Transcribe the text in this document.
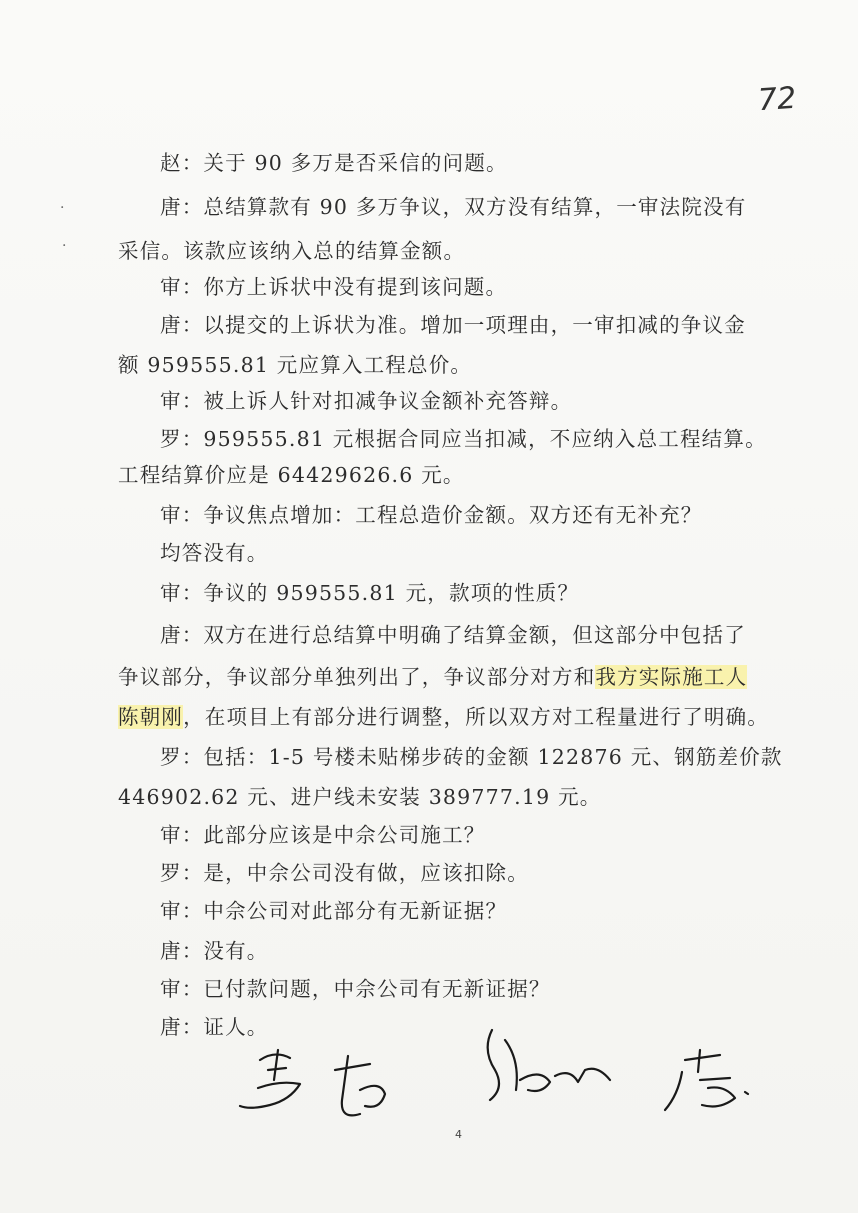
72
·
·
赵：关于 90 多万是否采信的问题。
唐：总结算款有 90 多万争议，双方没有结算，一审法院没有
采信。该款应该纳入总的结算金额。
审：你方上诉状中没有提到该问题。
唐：以提交的上诉状为准。增加一项理由，一审扣减的争议金
额 959555.81 元应算入工程总价。
审：被上诉人针对扣减争议金额补充答辩。
罗：959555.81 元根据合同应当扣减，不应纳入总工程结算。
工程结算价应是 64429626.6 元。
审：争议焦点增加：工程总造价金额。双方还有无补充？
均答没有。
审：争议的 959555.81 元，款项的性质？
唐：双方在进行总结算中明确了结算金额，但这部分中包括了
争议部分，争议部分单独列出了，争议部分对方和我方实际施工人
陈朝刚，在项目上有部分进行调整，所以双方对工程量进行了明确。
罗：包括：1-5 号楼未贴梯步砖的金额 122876 元、钢筋差价款
446902.62 元、进户线未安装 389777.19 元。
审：此部分应该是中佘公司施工？
罗：是，中佘公司没有做，应该扣除。
审：中佘公司对此部分有无新证据？
唐：没有。
审：已付款问题，中佘公司有无新证据？
唐：证人。
4
